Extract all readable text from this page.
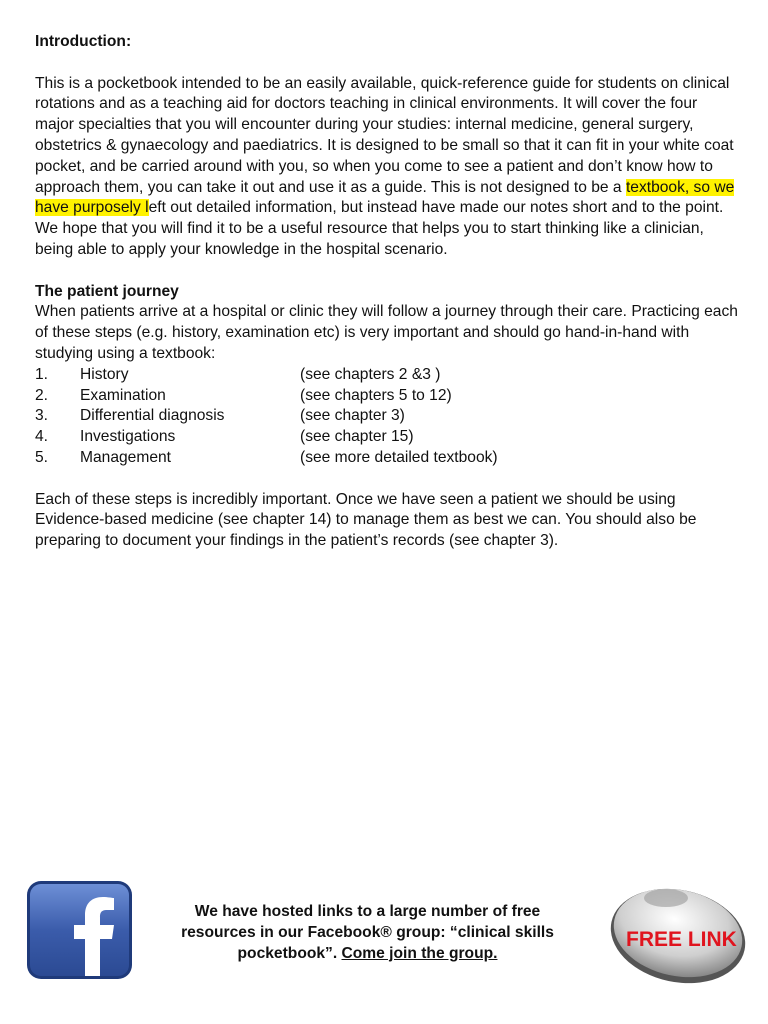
Introduction:

This is a pocketbook intended to be an easily available, quick-reference guide for students on clinical rotations and as a teaching aid for doctors teaching in clinical environments. It will cover the four major specialties that you will encounter during your studies: internal medicine, general surgery, obstetrics & gynaecology and paediatrics. It is designed to be small so that it can fit in your white coat pocket, and be carried around with you, so when you come to see a patient and don’t know how to approach them, you can take it out and use it as a guide. This is not designed to be a textbook, so we have purposely left out detailed information, but instead have made our notes short and to the point. We hope that you will find it to be a useful resource that helps you to start thinking like a clinician, being able to apply your knowledge in the hospital scenario.

The patient journey

When patients arrive at a hospital or clinic they will follow a journey through their care. Practicing each of these steps (e.g. history, examination etc) is very important and should go hand-in-hand with studying using a textbook:

1.	History	(see chapters 2 &3 )
2.	Examination	(see chapters 5 to 12)
3.	Differential diagnosis	(see chapter 3)
4.	Investigations	(see chapter 15)
5.	Management	(see more detailed textbook)

Each of these steps is incredibly important. Once we have seen a patient we should be using Evidence-based medicine (see chapter 14) to manage them as best we can. You should also be preparing to document your findings in the patient’s records (see chapter 3).

We have hosted links to a large number of free resources in our Facebook® group: “clinical skills pocketbook”. Come join the group.
FREE LINK
